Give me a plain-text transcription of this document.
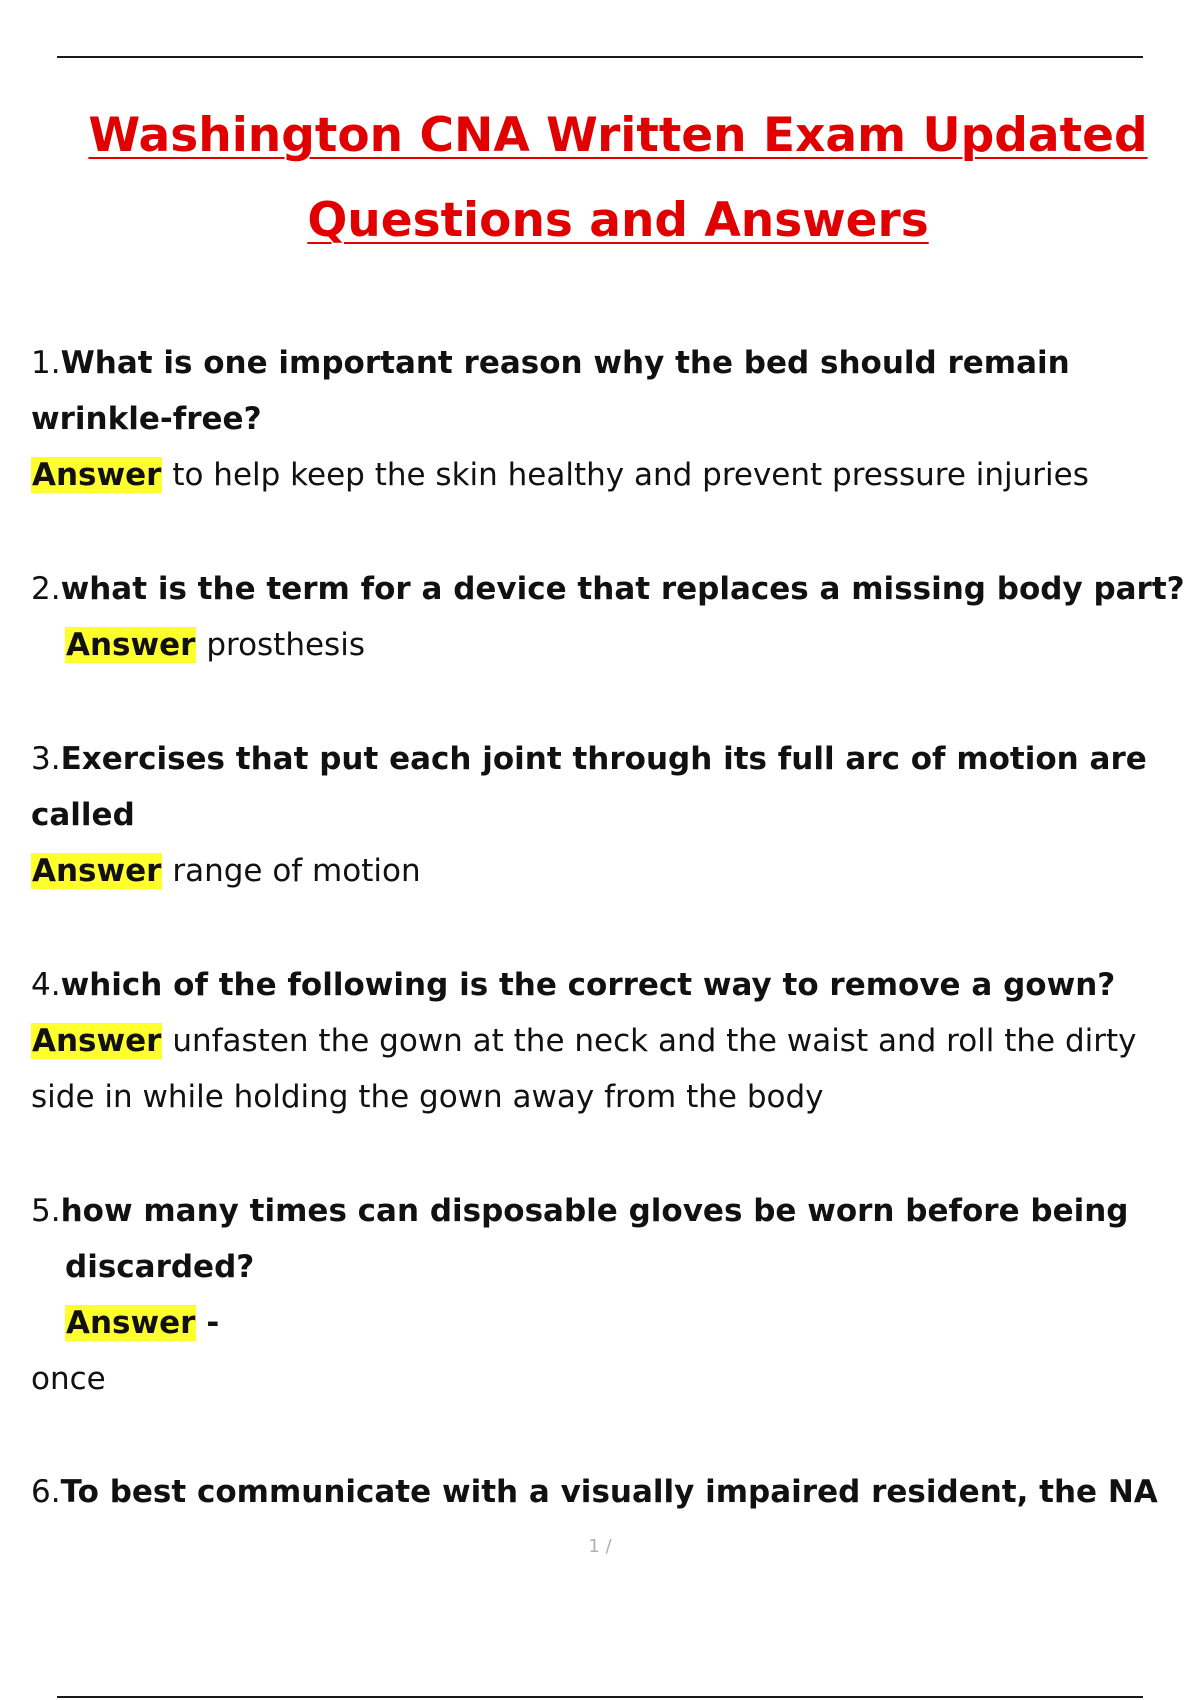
Washington CNA Written Exam Updated
Questions and Answers
1.What is one important reason why the bed should remain
wrinkle-free?
Answer to help keep the skin healthy and prevent pressure injuries
2.what is the term for a device that replaces a missing body part?
Answer prosthesis
3.Exercises that put each joint through its full arc of motion are
called
Answer range of motion
4.which of the following is the correct way to remove a gown?
Answer unfasten the gown at the neck and the waist and roll the dirty
side in while holding the gown away from the body
5.how many times can disposable gloves be worn before being
discarded?
Answer -
once
6.To best communicate with a visually impaired resident, the NA
1 /
